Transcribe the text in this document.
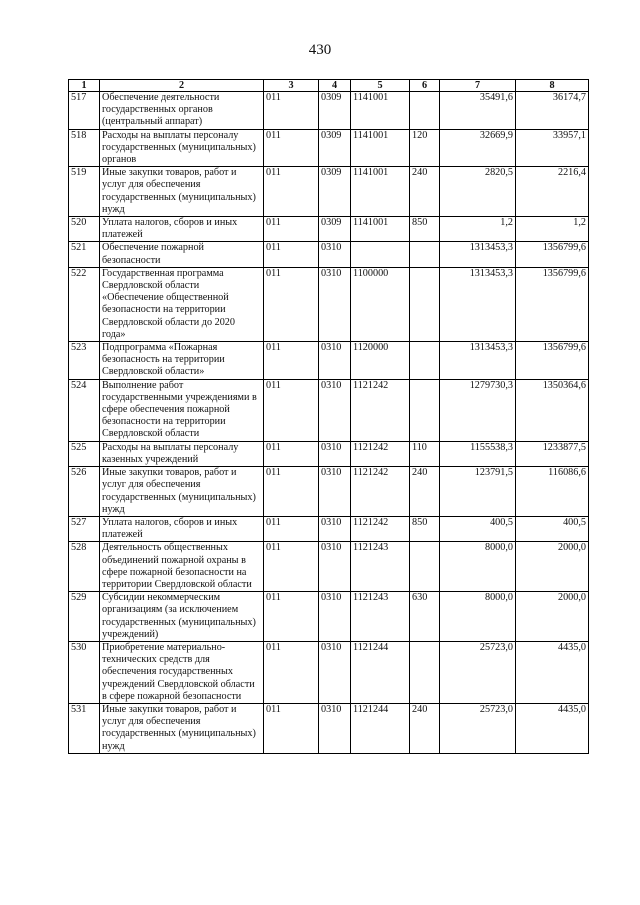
430
1	2	3	4	5	6	7	8
517	Обеспечение деятельности государственных органов (центральный аппарат)	011	0309	1141001		35491,6	36174,7
518	Расходы на выплаты персоналу государственных (муниципальных) органов	011	0309	1141001	120	32669,9	33957,1
519	Иные закупки товаров, работ и услуг для обеспечения государственных (муниципальных) нужд	011	0309	1141001	240	2820,5	2216,4
520	Уплата налогов, сборов и иных платежей	011	0309	1141001	850	1,2	1,2
521	Обеспечение пожарной безопасности	011	0310			1313453,3	1356799,6
522	Государственная программа Свердловской области «Обеспечение общественной безопасности на территории Свердловской области до 2020 года»	011	0310	1100000		1313453,3	1356799,6
523	Подпрограмма «Пожарная безопасность на территории Свердловской области»	011	0310	1120000		1313453,3	1356799,6
524	Выполнение работ государственными учреждениями в сфере обеспечения пожарной безопасности на территории Свердловской области	011	0310	1121242		1279730,3	1350364,6
525	Расходы на выплаты персоналу казенных учреждений	011	0310	1121242	110	1155538,3	1233877,5
526	Иные закупки товаров, работ и услуг для обеспечения государственных (муниципальных) нужд	011	0310	1121242	240	123791,5	116086,6
527	Уплата налогов, сборов и иных платежей	011	0310	1121242	850	400,5	400,5
528	Деятельность общественных объединений пожарной охраны в сфере пожарной безопасности на территории Свердловской области	011	0310	1121243		8000,0	2000,0
529	Субсидии некоммерческим организациям (за исключением государственных (муниципальных) учреждений)	011	0310	1121243	630	8000,0	2000,0
530	Приобретение материально-технических средств для обеспечения государственных учреждений Свердловской области в сфере пожарной безопасности	011	0310	1121244		25723,0	4435,0
531	Иные закупки товаров, работ и услуг для обеспечения государственных (муниципальных) нужд	011	0310	1121244	240	25723,0	4435,0
